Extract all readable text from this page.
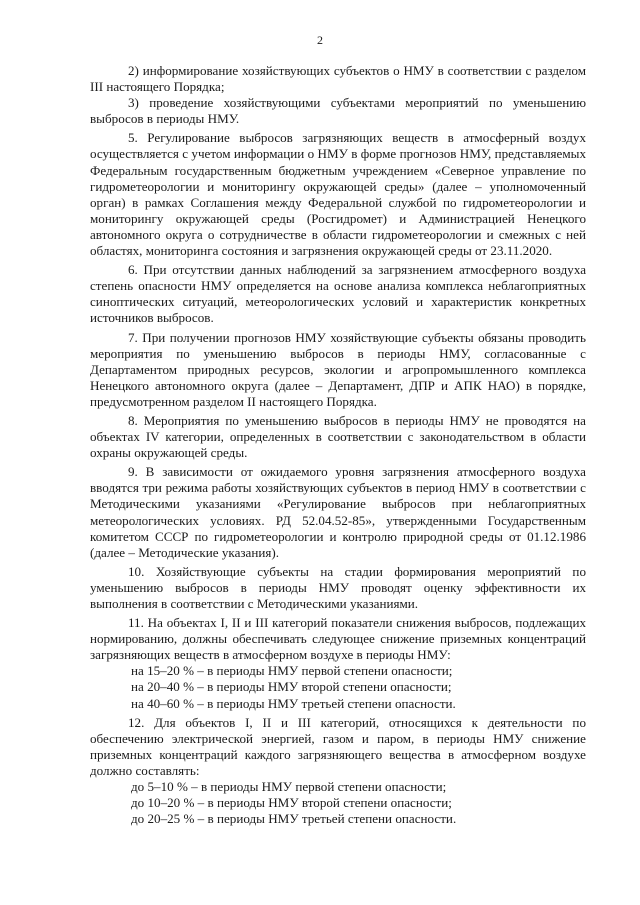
2

2) информирование хозяйствующих субъектов о НМУ в соответствии с разделом III настоящего Порядка;

3) проведение хозяйствующими субъектами мероприятий по уменьшению выбросов в периоды НМУ.

5. Регулирование выбросов загрязняющих веществ в атмосферный воздух осуществляется с учетом информации о НМУ в форме прогнозов НМУ, представляемых Федеральным государственным бюджетным учреждением «Северное управление по гидрометеорологии и мониторингу окружающей среды» (далее – уполномоченный орган) в рамках Соглашения между Федеральной службой по гидрометеорологии и мониторингу окружающей среды (Росгидромет) и Администрацией Ненецкого автономного округа о сотрудничестве в области гидрометеорологии и смежных с ней областях, мониторинга состояния и загрязнения окружающей среды от 23.11.2020.

6. При отсутствии данных наблюдений за загрязнением атмосферного воздуха степень опасности НМУ определяется на основе анализа комплекса неблагоприятных синоптических ситуаций, метеорологических условий и характеристик конкретных источников выбросов.

7. При получении прогнозов НМУ хозяйствующие субъекты обязаны проводить мероприятия по уменьшению выбросов в периоды НМУ, согласованные с Департаментом природных ресурсов, экологии и агропромышленного комплекса Ненецкого автономного округа (далее – Департамент, ДПР и АПК НАО) в порядке, предусмотренном разделом II настоящего Порядка.

8. Мероприятия по уменьшению выбросов в периоды НМУ не проводятся на объектах IV категории, определенных в соответствии с законодательством в области охраны окружающей среды.

9. В зависимости от ожидаемого уровня загрязнения атмосферного воздуха вводятся три режима работы хозяйствующих субъектов в период НМУ в соответствии с Методическими указаниями «Регулирование выбросов при неблагоприятных метеорологических условиях. РД 52.04.52-85», утвержденными Государственным комитетом СССР по гидрометеорологии и контролю природной среды от 01.12.1986 (далее – Методические указания).

10. Хозяйствующие субъекты на стадии формирования мероприятий по уменьшению выбросов в периоды НМУ проводят оценку эффективности их выполнения в соответствии с Методическими указаниями.

11. На объектах I, II и III категорий показатели снижения выбросов, подлежащих нормированию, должны обеспечивать следующее снижение приземных концентраций загрязняющих веществ в атмосферном воздухе в периоды НМУ:

на 15–20 % – в периоды НМУ первой степени опасности;

на 20–40 % – в периоды НМУ второй степени опасности;

на 40–60 % – в периоды НМУ третьей степени опасности.

12. Для объектов I, II и III категорий, относящихся к деятельности по обеспечению электрической энергией, газом и паром, в периоды НМУ снижение приземных концентраций каждого загрязняющего вещества в атмосферном воздухе должно составлять:

до 5–10 % – в периоды НМУ первой степени опасности;

до 10–20 % – в периоды НМУ второй степени опасности;

до 20–25 % – в периоды НМУ третьей степени опасности.
